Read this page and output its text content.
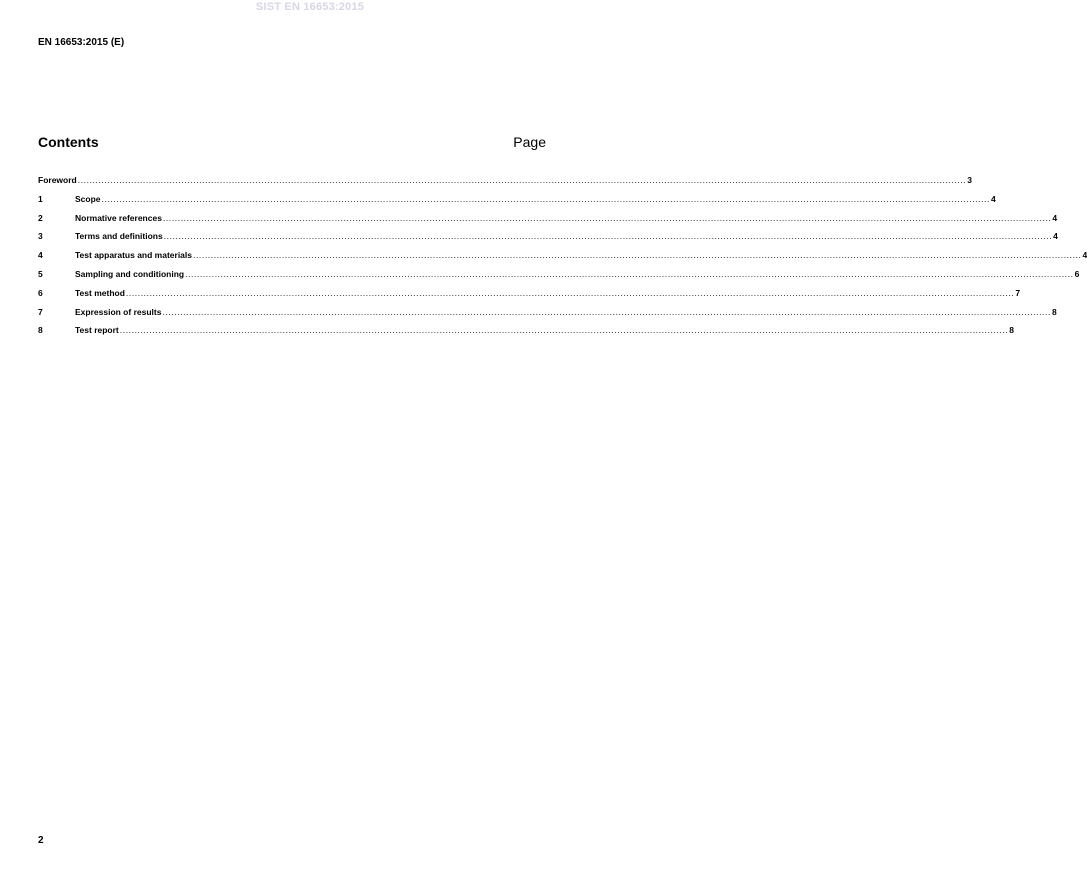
SIST EN 16653:2015
EN 16653:2015 (E)
Contents	Page
Foreword ............................................................................................................................................................................................................................................................................................................ 3
1	Scope ............................................................................................................................................................................................................................................................................................................ 4
2	Normative references ............................................................................................................................................................................................................................................................................................................ 4
3	Terms and definitions ............................................................................................................................................................................................................................................................................................................ 4
4	Test apparatus and materials ............................................................................................................................................................................................................................................................................................................ 4
5	Sampling and conditioning ............................................................................................................................................................................................................................................................................................................ 6
6	Test method ............................................................................................................................................................................................................................................................................................................ 7
7	Expression of results ............................................................................................................................................................................................................................................................................................................ 8
8	Test report ............................................................................................................................................................................................................................................................................................................ 8
2
